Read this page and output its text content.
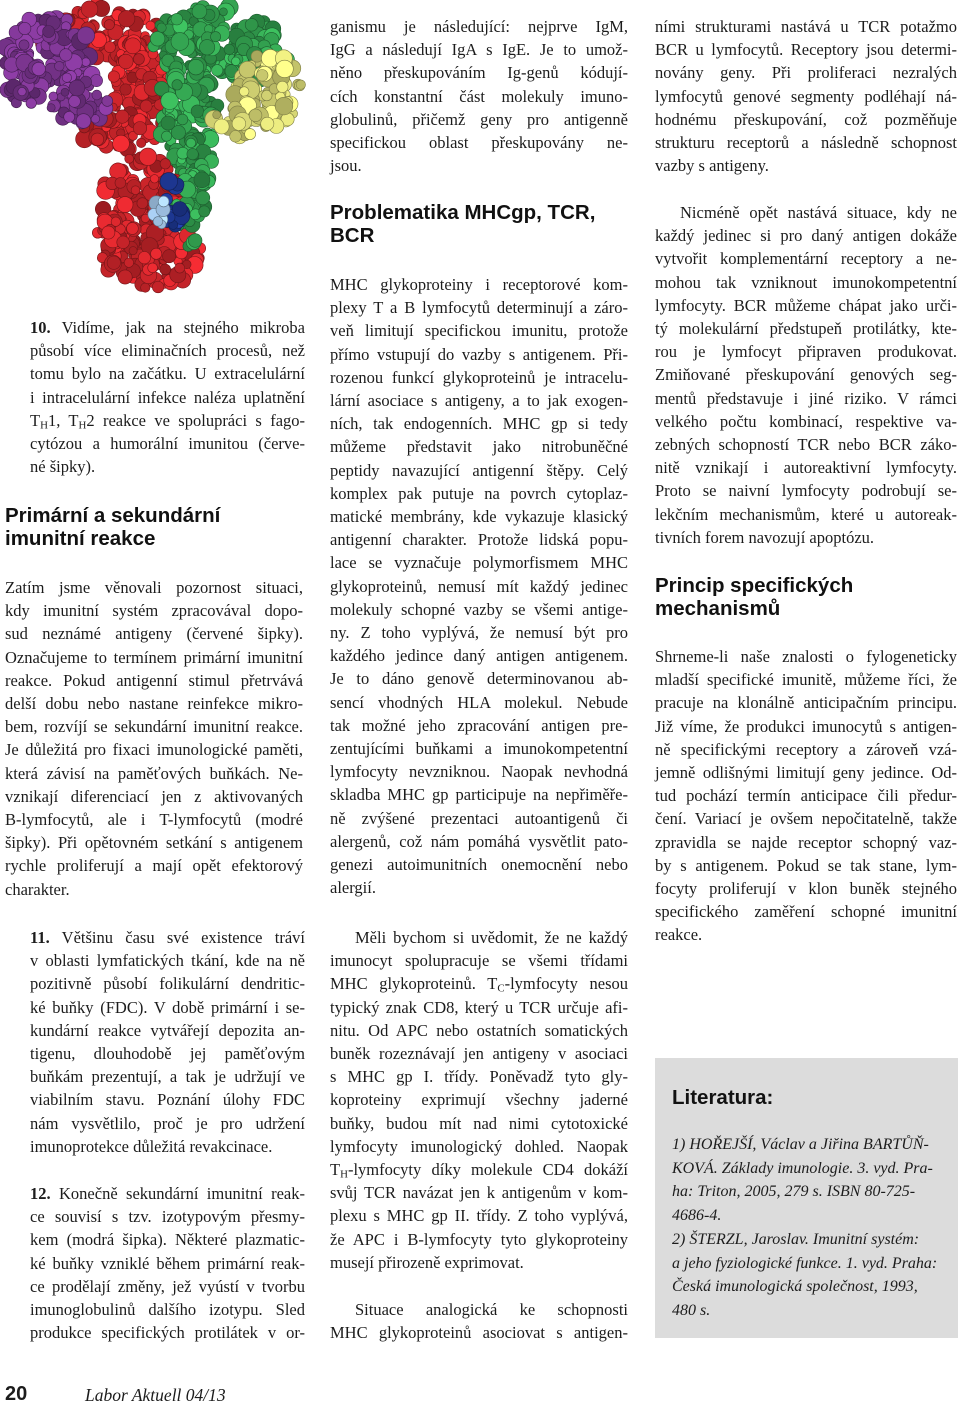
10. Vidíme, jak na stejného mikroba
působí více eliminačních procesů, než
tomu bylo na začátku. U extracelulární
i intracelulární infekce naléza uplatnění
$T_H1$, $T_H2$ reakce ve spolupráci s fago-
cytózou a humorální imunitou (červe-
né šipky).
Primární a sekundární
imunitní reakce
Zatím jsme věnovali pozornost situaci,
kdy imunitní systém zpracovával dopo-
sud neznámé antigeny (červené šipky).
Označujeme to termínem primární imunitní
reakce. Pokud antigenní stimul přetrvává
delší dobu nebo nastane reinfekce mikro-
bem, rozvíjí se sekundární imunitní reakce.
Je důležitá pro fixaci imunologické paměti,
která závisí na paměťových buňkách. Ne-
vznikají diferenciací jen z aktivovaných
B-lymfocytů, ale i T-lymfocytů (modré
šipky). Při opětovném setkání s antigenem
rychle proliferují a mají opět efektorový
charakter.
11. Většinu času své existence tráví
v oblasti lymfatických tkání, kde na ně
pozitivně působí folikulární dendritic-
ké buňky (FDC). V době primární i se-
kundární reakce vytvářejí depozita an-
tigenu, dlouhodobě jej paměťovým
buňkám prezentují, a tak je udržují ve
viabilním stavu. Poznání úlohy FDC
nám vysvětlilo, proč je pro udržení
imunoprotekce důležitá revakcinace.
12. Konečně sekundární imunitní reak-
ce souvisí s tzv. izotypovým přesmy-
kem (modrá šipka). Některé plazmatic-
ké buňky vzniklé během primární reak-
ce prodělají změny, jež vyústí v tvorbu
imunoglobulinů dalšího izotypu. Sled
produkce specifických protilátek v or-
ganismu je následující: nejprve IgM,
IgG a následují IgA s IgE. Je to umož-
něno přeskupováním Ig-genů kódují-
cích konstantní část molekuly imuno-
globulinů, přičemž geny pro antigenně
specifickou oblast přeskupovány ne-
jsou.
Problematika MHCgp, TCR,
BCR
MHC glykoproteiny i receptorové kom-
plexy T a B lymfocytů determinují a záro-
veň limitují specifickou imunitu, protože
přímo vstupují do vazby s antigenem. Při-
rozenou funkcí glykoproteinů je intracelu-
lární asociace s antigeny, a to jak exogen-
ních, tak endogenních. MHC gp si tedy
můžeme představit jako nitrobuněčné
peptidy navazující antigenní štěpy. Celý
komplex pak putuje na povrch cytoplaz-
matické membrány, kde vykazuje klasický
antigenní charakter. Protože lidská popu-
lace se vyznačuje polymorfismem MHC
glykoproteinů, nemusí mít každý jedinec
molekuly schopné vazby se všemi antige-
ny. Z toho vyplývá, že nemusí být pro
každého jedince daný antigen antigenem.
Je to dáno genově determinovanou ab-
sencí vhodných HLA molekul. Nebude
tak možné jeho zpracování antigen pre-
zentujícími buňkami a imunokompetentní
lymfocyty nevzniknou. Naopak nevhodná
skladba MHC gp participuje na nepřiměře-
ně zvýšené prezentaci autoantigenů či
alergenů, což nám pomáhá vysvětlit pato-
genezi autoimunitních onemocnění nebo
alergií.
Měli bychom si uvědomit, že ne každý
imunocyt spolupracuje se všemi třídami
MHC glykoproteinů. $T_C$-lymfocyty nesou
typický znak CD8, který u TCR určuje afi-
nitu. Od APC nebo ostatních somatických
buněk rozeznávají jen antigeny v asociaci
s MHC gp I. třídy. Poněvadž tyto gly-
koproteiny exprimují všechny jaderné
buňky, budou mít nad nimi cytotoxické
lymfocyty imunologický dohled. Naopak
$T_H$-lymfocyty díky molekule CD4 dokáží
svůj TCR navázat jen k antigenům v kom-
plexu s MHC gp II. třídy. Z toho vyplývá,
že APC i B-lymfocyty tyto glykoproteiny
musejí přirozeně exprimovat.
Situace analogická ke schopnosti
MHC glykoproteinů asociovat s antigen-
ními strukturami nastává u TCR potažmo
BCR u lymfocytů. Receptory jsou determi-
novány geny. Při proliferaci nezralých
lymfocytů genové segmenty podléhají ná-
hodnému přeskupování, což pozměňuje
strukturu receptorů a následně schopnost
vazby s antigeny.
Nicméně opět nastává situace, kdy ne
každý jedinec si pro daný antigen dokáže
vytvořit komplementární receptory a ne-
mohou tak vzniknout imunokompetentní
lymfocyty. BCR můžeme chápat jako urči-
tý molekulární předstupeň protilátky, kte-
rou je lymfocyt připraven produkovat.
Zmiňované přeskupování genových seg-
mentů představuje i jiné riziko. V rámci
velkého počtu kombinací, respektive va-
zebných schopností TCR nebo BCR záko-
nitě vznikají i autoreaktivní lymfocyty.
Proto se naivní lymfocyty podrobují se-
lekčním mechanismům, které u autoreak-
tivních forem navozují apoptózu.
Princip specifických
mechanismů
Shrneme-li naše znalosti o fylogeneticky
mladší specifické imunitě, můžeme říci, že
pracuje na klonálně anticipačním principu.
Již víme, že produkci imunocytů s antigen-
ně specifickými receptory a zároveň vzá-
jemně odlišnými limitují geny jedince. Od-
tud pochází termín anticipace čili předur-
čení. Variací je ovšem nepočitatelně, takže
zpravidla se najde receptor schopný vaz-
by s antigenem. Pokud se tak stane, lym-
focyty proliferují v klon buněk stejného
specifického zaměření schopné imunitní
reakce.
Literatura:
1) HOŘEJŠÍ, Václav a Jiřina BARTŮŇ-
KOVÁ. Základy imunologie. 3. vyd. Pra-
ha: Triton, 2005, 279 s. ISBN 80-725-
4686-4.
2) ŠTERZL, Jaroslav. Imunitní systém:
a jeho fyziologické funkce. 1. vyd. Praha:
Česká imunologická společnost, 1993,
480 s.
20	Labor Aktuell 04/13
